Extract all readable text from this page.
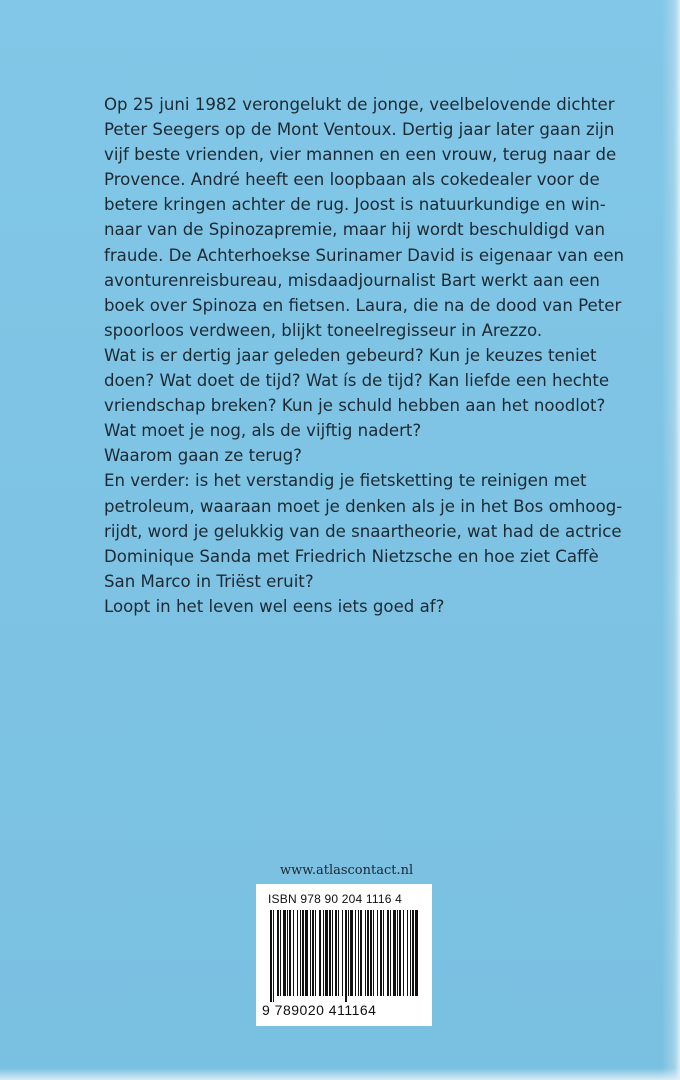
Op 25 juni 1982 verongelukt de jonge, veelbelovende dichter

Peter Seegers op de Mont Ventoux. Dertig jaar later gaan zijn

vijf beste vrienden, vier mannen en een vrouw, terug naar de

Provence. André heeft een loopbaan als cokedealer voor de

betere kringen achter de rug. Joost is natuurkundige en win-

naar van de Spinozapremie, maar hij wordt beschuldigd van

fraude. De Achterhoekse Surinamer David is eigenaar van een

avonturenreisbureau, misdaadjournalist Bart werkt aan een

boek over Spinoza en fietsen. Laura, die na de dood van Peter

spoorloos verdween, blijkt toneelregisseur in Arezzo.

Wat is er dertig jaar geleden gebeurd? Kun je keuzes teniet

doen? Wat doet de tijd? Wat ís de tijd? Kan liefde een hechte

vriendschap breken? Kun je schuld hebben aan het noodlot?

Wat moet je nog, als de vijftig nadert?

Waarom gaan ze terug?

En verder: is het verstandig je fietsketting te reinigen met

petroleum, waaraan moet je denken als je in het Bos omhoog-

rijdt, word je gelukkig van de snaartheorie, wat had de actrice

Dominique Sanda met Friedrich Nietzsche en hoe ziet Caffè

San Marco in Triëst eruit?

Loopt in het leven wel eens iets goed af?

www.atlascontact.nl
ISBN 978 90 204 1116 4
9 789020 411164
